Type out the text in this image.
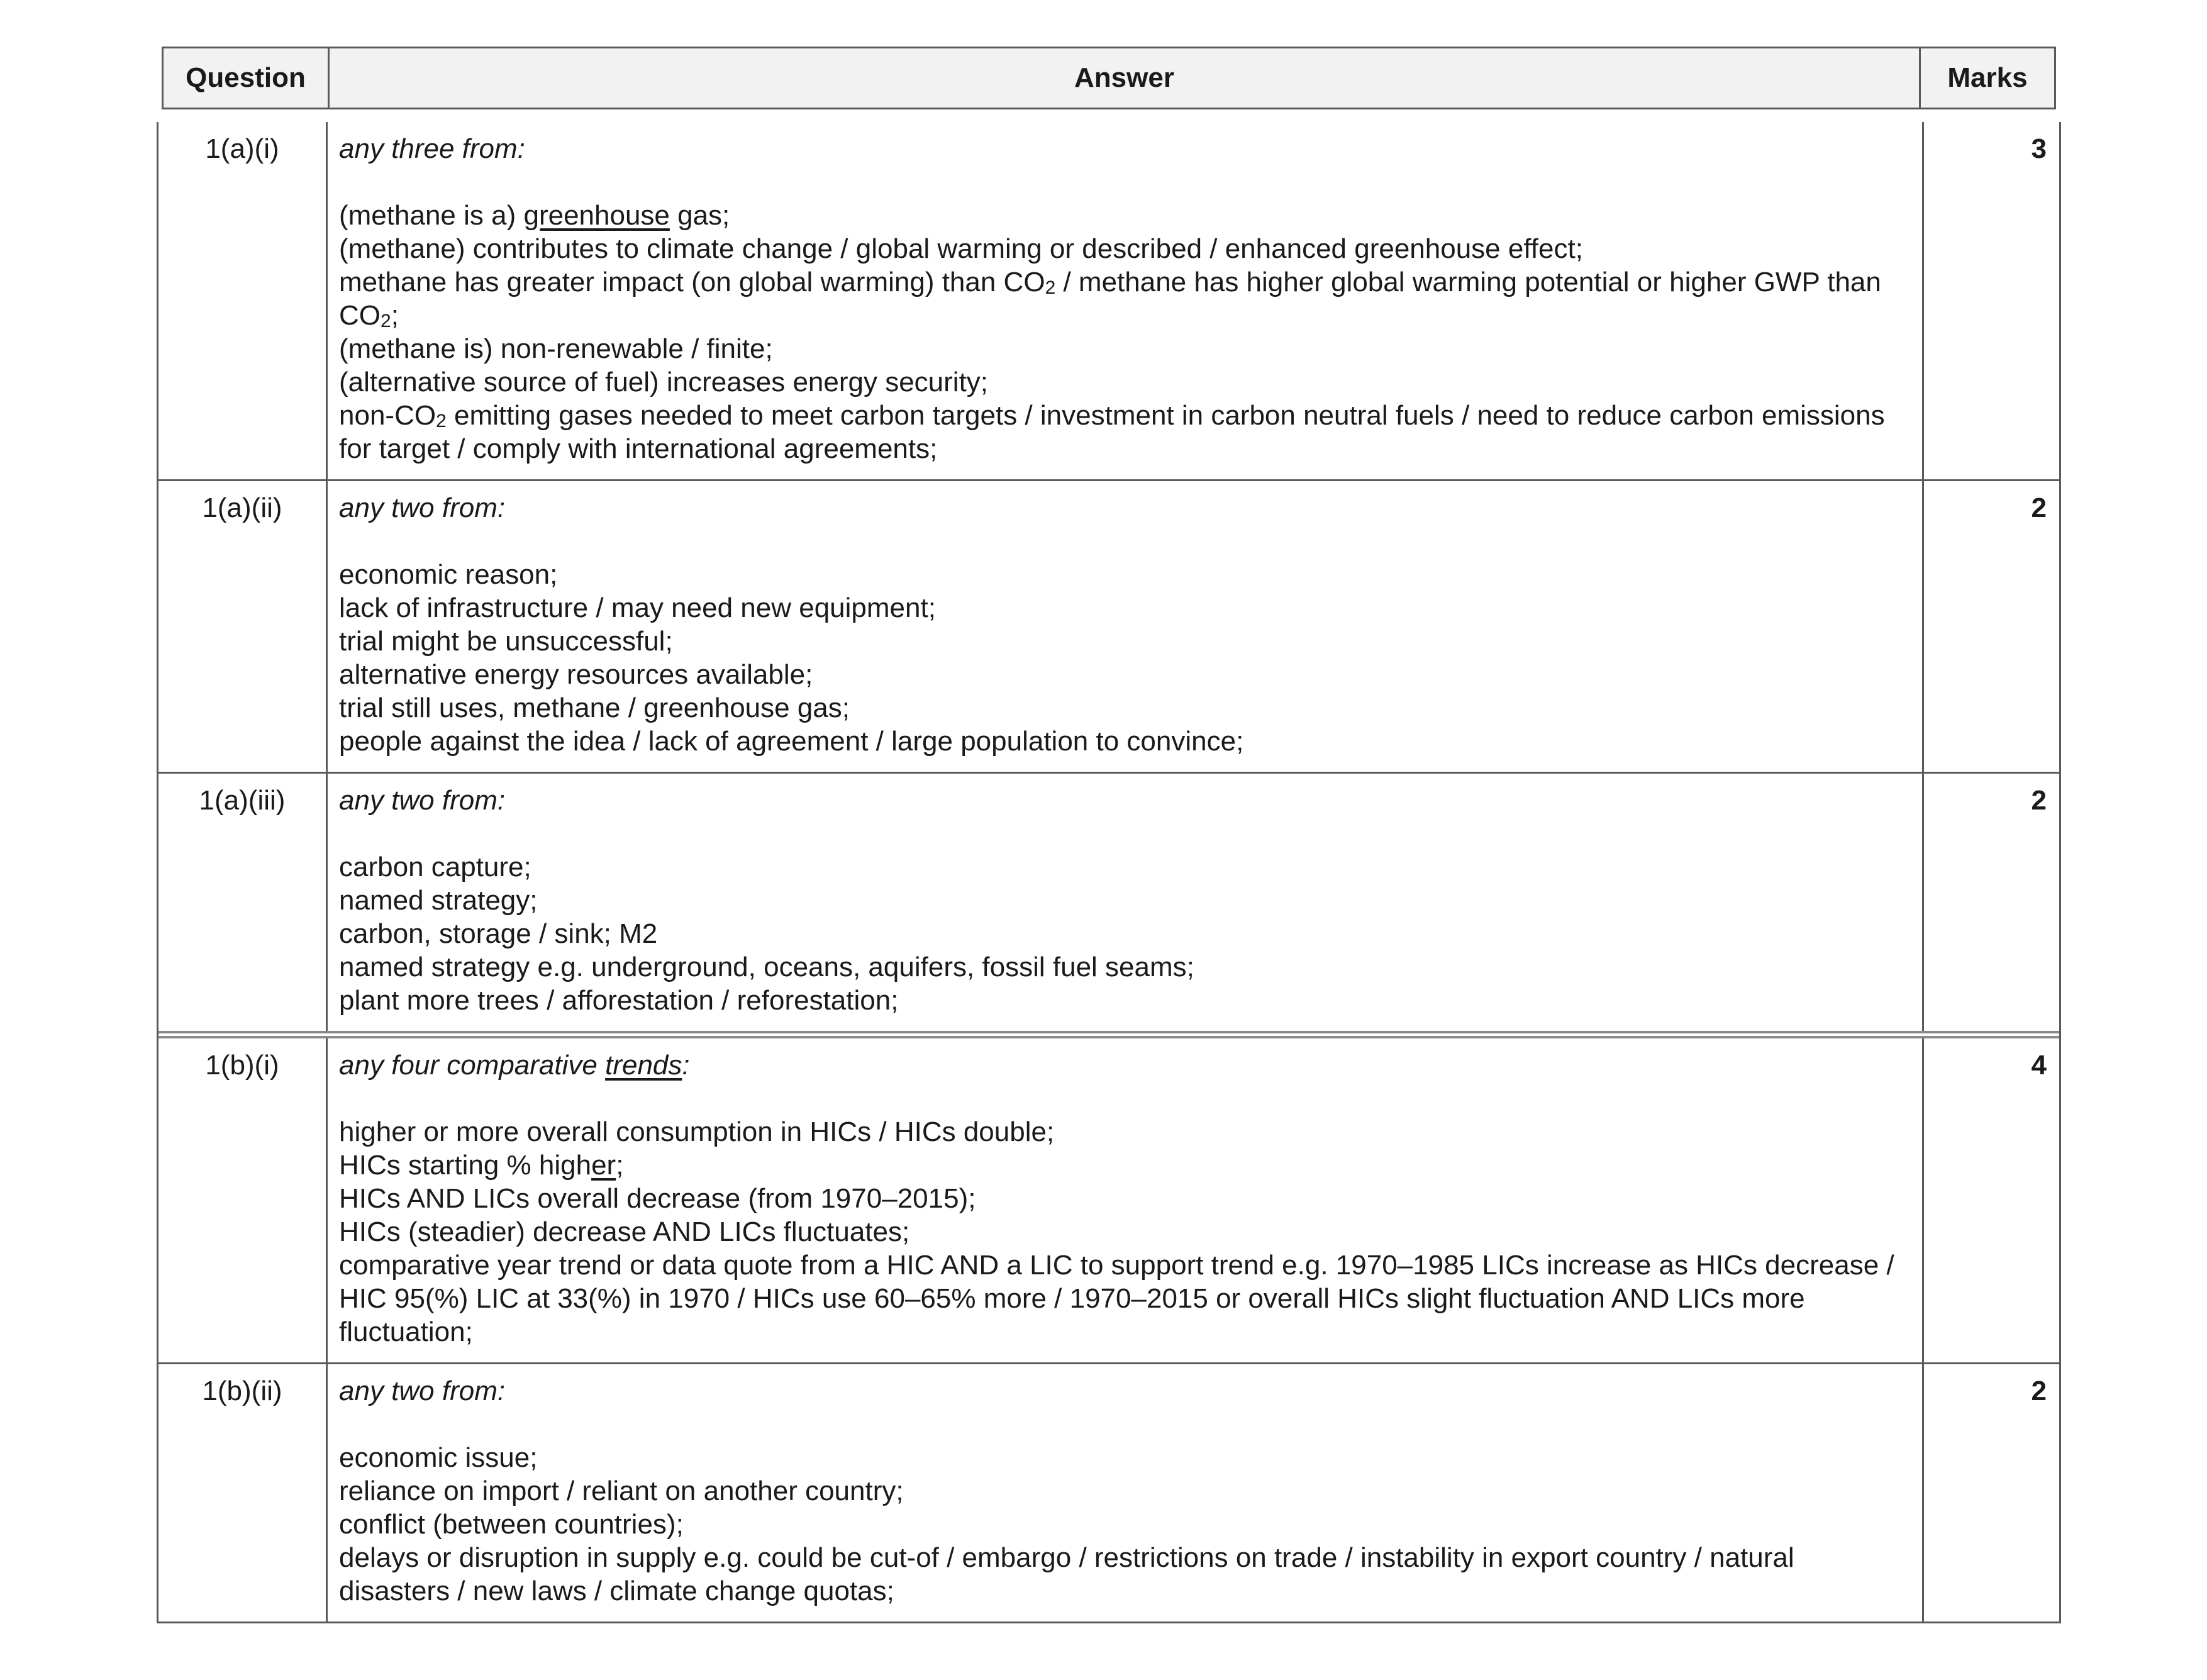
Question	Answer	Marks
1(a)(i)	any three from:
(methane is a) greenhouse gas;
(methane) contributes to climate change / global warming or described / enhanced greenhouse effect;
methane has greater impact (on global warming) than $CO_2$ / methane has higher global warming potential or higher GWP than $CO_2$;
(methane is) non-renewable / finite;
(alternative source of fuel) increases energy security;
non-$CO_2$ emitting gases needed to meet carbon targets / investment in carbon neutral fuels / need to reduce carbon emissions for target / comply with international agreements;
3
1(a)(ii)	any two from:
economic reason;
lack of infrastructure / may need new equipment;
trial might be unsuccessful;
alternative energy resources available;
trial still uses, methane / greenhouse gas;
people against the idea / lack of agreement / large population to convince;
2
1(a)(iii)	any two from:
carbon capture;
named strategy;
carbon, storage / sink; M2
named strategy e.g. underground, oceans, aquifers, fossil fuel seams;
plant more trees / afforestation / reforestation;
2
1(b)(i)	any four comparative trends:
higher or more overall consumption in HICs / HICs double;
HICs starting % higher;
HICs AND LICs overall decrease (from 1970–2015);
HICs (steadier) decrease AND LICs fluctuates;
comparative year trend or data quote from a HIC AND a LIC to support trend e.g. 1970–1985 LICs increase as HICs decrease / HIC 95(%) LIC at 33(%) in 1970 / HICs use 60–65% more / 1970–2015 or overall HICs slight fluctuation AND LICs more fluctuation;
4
1(b)(ii)	any two from:
economic issue;
reliance on import / reliant on another country;
conflict (between countries);
delays or disruption in supply e.g. could be cut-of / embargo / restrictions on trade / instability in export country / natural disasters / new laws / climate change quotas;
2
